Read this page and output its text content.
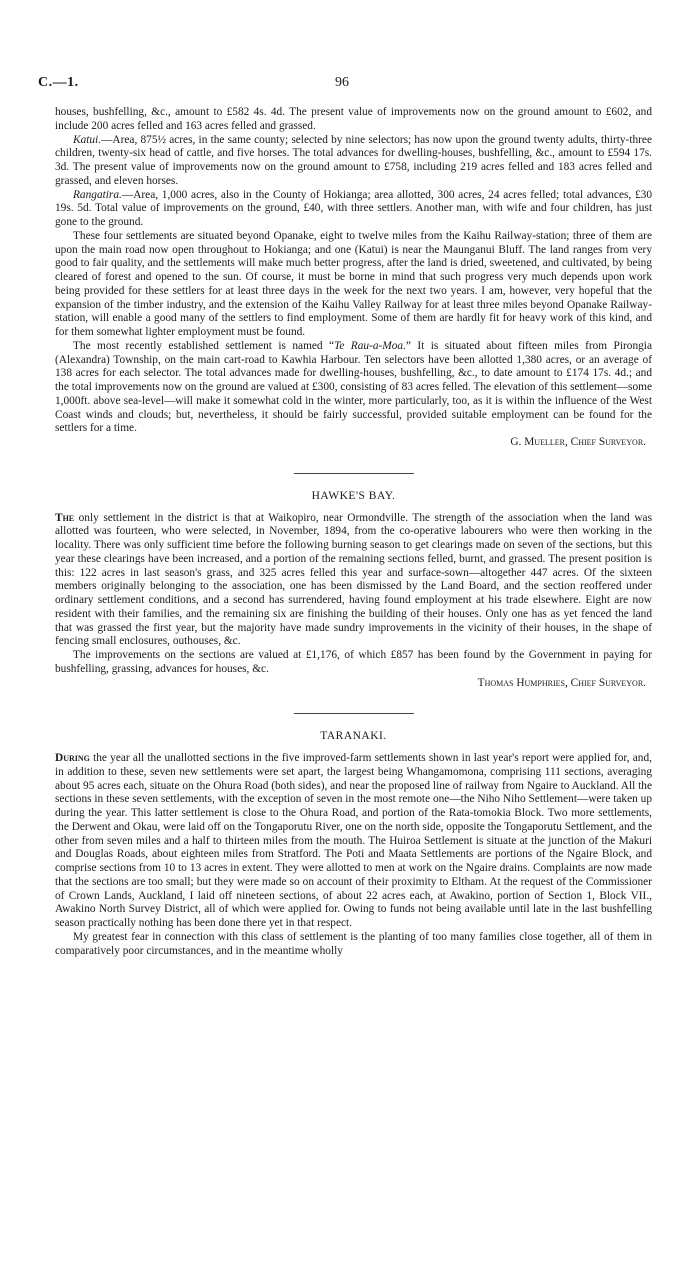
C.—1.	96

houses, bushfelling, &c., amount to £582 4s. 4d. The present value of improvements now on the ground amount to £602, and include 200 acres felled and 163 acres felled and grassed.

Katui.—Area, 875½ acres, in the same county; selected by nine selectors; has now upon the ground twenty adults, thirty-three children, twenty-six head of cattle, and five horses. The total advances for dwelling-houses, bushfelling, &c., amount to £594 17s. 3d. The present value of improvements now on the ground amount to £758, including 219 acres felled and 183 acres felled and grassed, and eleven horses.

Rangatira.—Area, 1,000 acres, also in the County of Hokianga; area allotted, 300 acres, 24 acres felled; total advances, £30 19s. 5d. Total value of improvements on the ground, £40, with three settlers. Another man, with wife and four children, has just gone to the ground.

These four settlements are situated beyond Opanake, eight to twelve miles from the Kaihu Railway-station; three of them are upon the main road now open throughout to Hokianga; and one (Katui) is near the Maunganui Bluff. The land ranges from very good to fair quality, and the settlements will make much better progress, after the land is dried, sweetened, and cultivated, by being cleared of forest and opened to the sun. Of course, it must be borne in mind that such progress very much depends upon work being provided for these settlers for at least three days in the week for the next two years. I am, however, very hopeful that the expansion of the timber industry, and the extension of the Kaihu Valley Railway for at least three miles beyond Opanake Railway-station, will enable a good many of the settlers to find employment. Some of them are hardly fit for heavy work of this kind, and for them somewhat lighter employment must be found.

The most recently established settlement is named “Te Rau-a-Moa.” It is situated about fifteen miles from Pirongia (Alexandra) Township, on the main cart-road to Kawhia Harbour. Ten selectors have been allotted 1,380 acres, or an average of 138 acres for each selector. The total advances made for dwelling-houses, bushfelling, &c., to date amount to £174 17s. 4d.; and the total improvements now on the ground are valued at £300, consisting of 83 acres felled. The elevation of this settlement—some 1,000ft. above sea-level—will make it somewhat cold in the winter, more particularly, too, as it is within the influence of the West Coast winds and clouds; but, nevertheless, it should be fairly successful, provided suitable employment can be found for the settlers for a time.

G. Mueller, Chief Surveyor.

HAWKE'S BAY.

The only settlement in the district is that at Waikopiro, near Ormondville. The strength of the association when the land was allotted was fourteen, who were selected, in November, 1894, from the co-operative labourers who were then working in the locality. There was only sufficient time before the following burning season to get clearings made on seven of the sections, but this year these clearings have been increased, and a portion of the remaining sections felled, burnt, and grassed. The present position is this: 122 acres in last season's grass, and 325 acres felled this year and surface-sown—altogether 447 acres. Of the sixteen members originally belonging to the association, one has been dismissed by the Land Board, and the section reoffered under ordinary settlement conditions, and a second has surrendered, having found employment at his trade elsewhere. Eight are now resident with their families, and the remaining six are finishing the building of their houses. Only one has as yet fenced the land that was grassed the first year, but the majority have made sundry improvements in the vicinity of their houses, in the shape of fencing small enclosures, outhouses, &c.

The improvements on the sections are valued at £1,176, of which £857 has been found by the Government in paying for bushfelling, grassing, advances for houses, &c.

Thomas Humphries, Chief Surveyor.

TARANAKI.

During the year all the unallotted sections in the five improved-farm settlements shown in last year's report were applied for, and, in addition to these, seven new settlements were set apart, the largest being Whangamomona, comprising 111 sections, averaging about 95 acres each, situate on the Ohura Road (both sides), and near the proposed line of railway from Ngaire to Auckland. All the sections in these seven settlements, with the exception of seven in the most remote one—the Niho Niho Settlement—were taken up during the year. This latter settlement is close to the Ohura Road, and portion of the Rata-tomokia Block. Two more settlements, the Derwent and Okau, were laid off on the Tongaporutu River, one on the north side, opposite the Tongaporutu Settlement, and the other from seven miles and a half to thirteen miles from the mouth. The Huiroa Settlement is situate at the junction of the Makuri and Douglas Roads, about eighteen miles from Stratford. The Poti and Maata Settlements are portions of the Ngaire Block, and comprise sections from 10 to 13 acres in extent. They were allotted to men at work on the Ngaire drains. Complaints are now made that the sections are too small; but they were made so on account of their proximity to Eltham. At the request of the Commissioner of Crown Lands, Auckland, I laid off nineteen sections, of about 22 acres each, at Awakino, portion of Section 1, Block VII., Awakino North Survey District, all of which were applied for. Owing to funds not being available until late in the last bushfelling season practically nothing has been done there yet in that respect.

My greatest fear in connection with this class of settlement is the planting of too many families close together, all of them in comparatively poor circumstances, and in the meantime wholly
